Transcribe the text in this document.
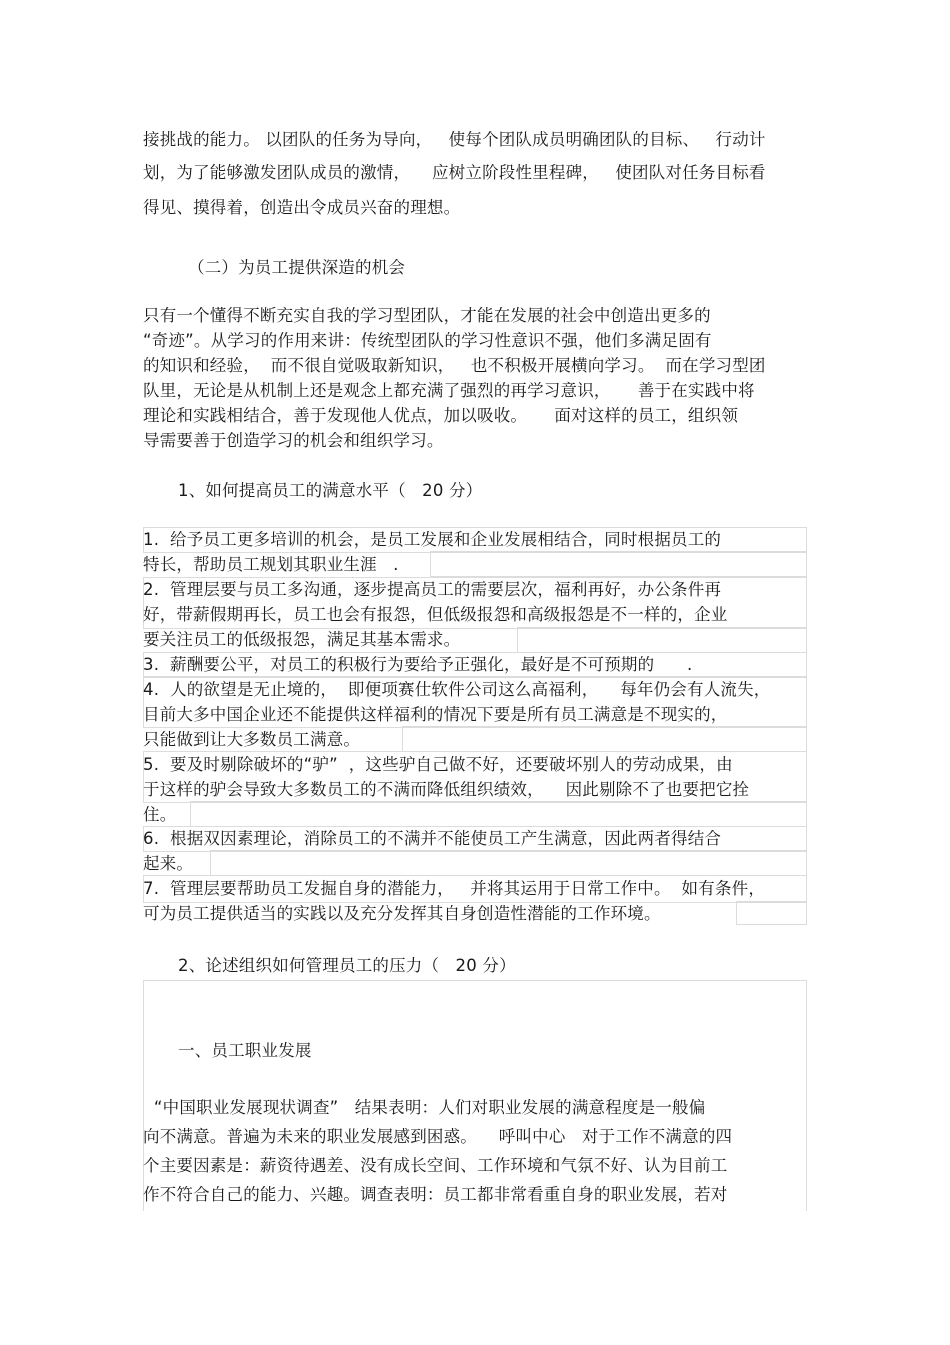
接挑战的能力。 以团队的任务为导向，   使每个团队成员明确团队的目标、   行动计

划，为了能够激发团队成员的激情，    应树立阶段性里程碑，   使团队对任务目标看

得见、摸得着，创造出令成员兴奋的理想。

（二）为员工提供深造的机会

只有一个懂得不断充实自我的学习型团队，才能在发展的社会中创造出更多的

“奇迹”。从学习的作用来讲：传统型团队的学习性意识不强，他们多满足固有

的知识和经验，  而不很自觉吸取新知识，   也不积极开展横向学习。  而在学习型团

队里，无论是从机制上还是观念上都充满了强烈的再学习意识，     善于在实践中将

理论和实践相结合，善于发现他人优点，加以吸收。     面对这样的员工，组织领

导需要善于创造学习的机会和组织学习。

1、如何提高员工的满意水平（   20 分）

1.  给予员工更多培训的机会，是员工发展和企业发展相结合，同时根据员工的

特长，帮助员工规划其职业生涯   .

2.  管理层要与员工多沟通，逐步提高员工的需要层次，福利再好，办公条件再

好，带薪假期再长，员工也会有报怨，但低级报怨和高级报怨是不一样的，企业

要关注员工的低级报怨，满足其基本需求。

3.  薪酬要公平，对员工的积极行为要给予正强化，最好是不可预期的      .

4.  人的欲望是无止境的，  即便项赛仕软件公司这么高福利，    每年仍会有人流失，

目前大多中国企业还不能提供这样福利的情况下要是所有员工满意是不现实的，

只能做到让大多数员工满意。

5.  要及时剔除破坏的“驴”  ，这些驴自己做不好，还要破坏别人的劳动成果，由

于这样的驴会导致大多数员工的不满而降低组织绩效，    因此剔除不了也要把它拴

住。

6.  根据双因素理论，消除员工的不满并不能使员工产生满意，因此两者得结合

起来。

7.  管理层要帮助员工发掘自身的潜能力，   并将其运用于日常工作中。  如有条件，

可为员工提供适当的实践以及充分发挥其自身创造性潜能的工作环境。

2、论述组织如何管理员工的压力（   20 分）

一、员工职业发展

“中国职业发展现状调查”   结果表明：人们对职业发展的满意程度是一般偏

向不满意。普遍为未来的职业发展感到困惑。    呼叫中心   对于工作不满意的四

个主要因素是：薪资待遇差、没有成长空间、工作环境和气氛不好、认为目前工

作不符合自己的能力、兴趣。调查表明：员工都非常看重自身的职业发展，若对
